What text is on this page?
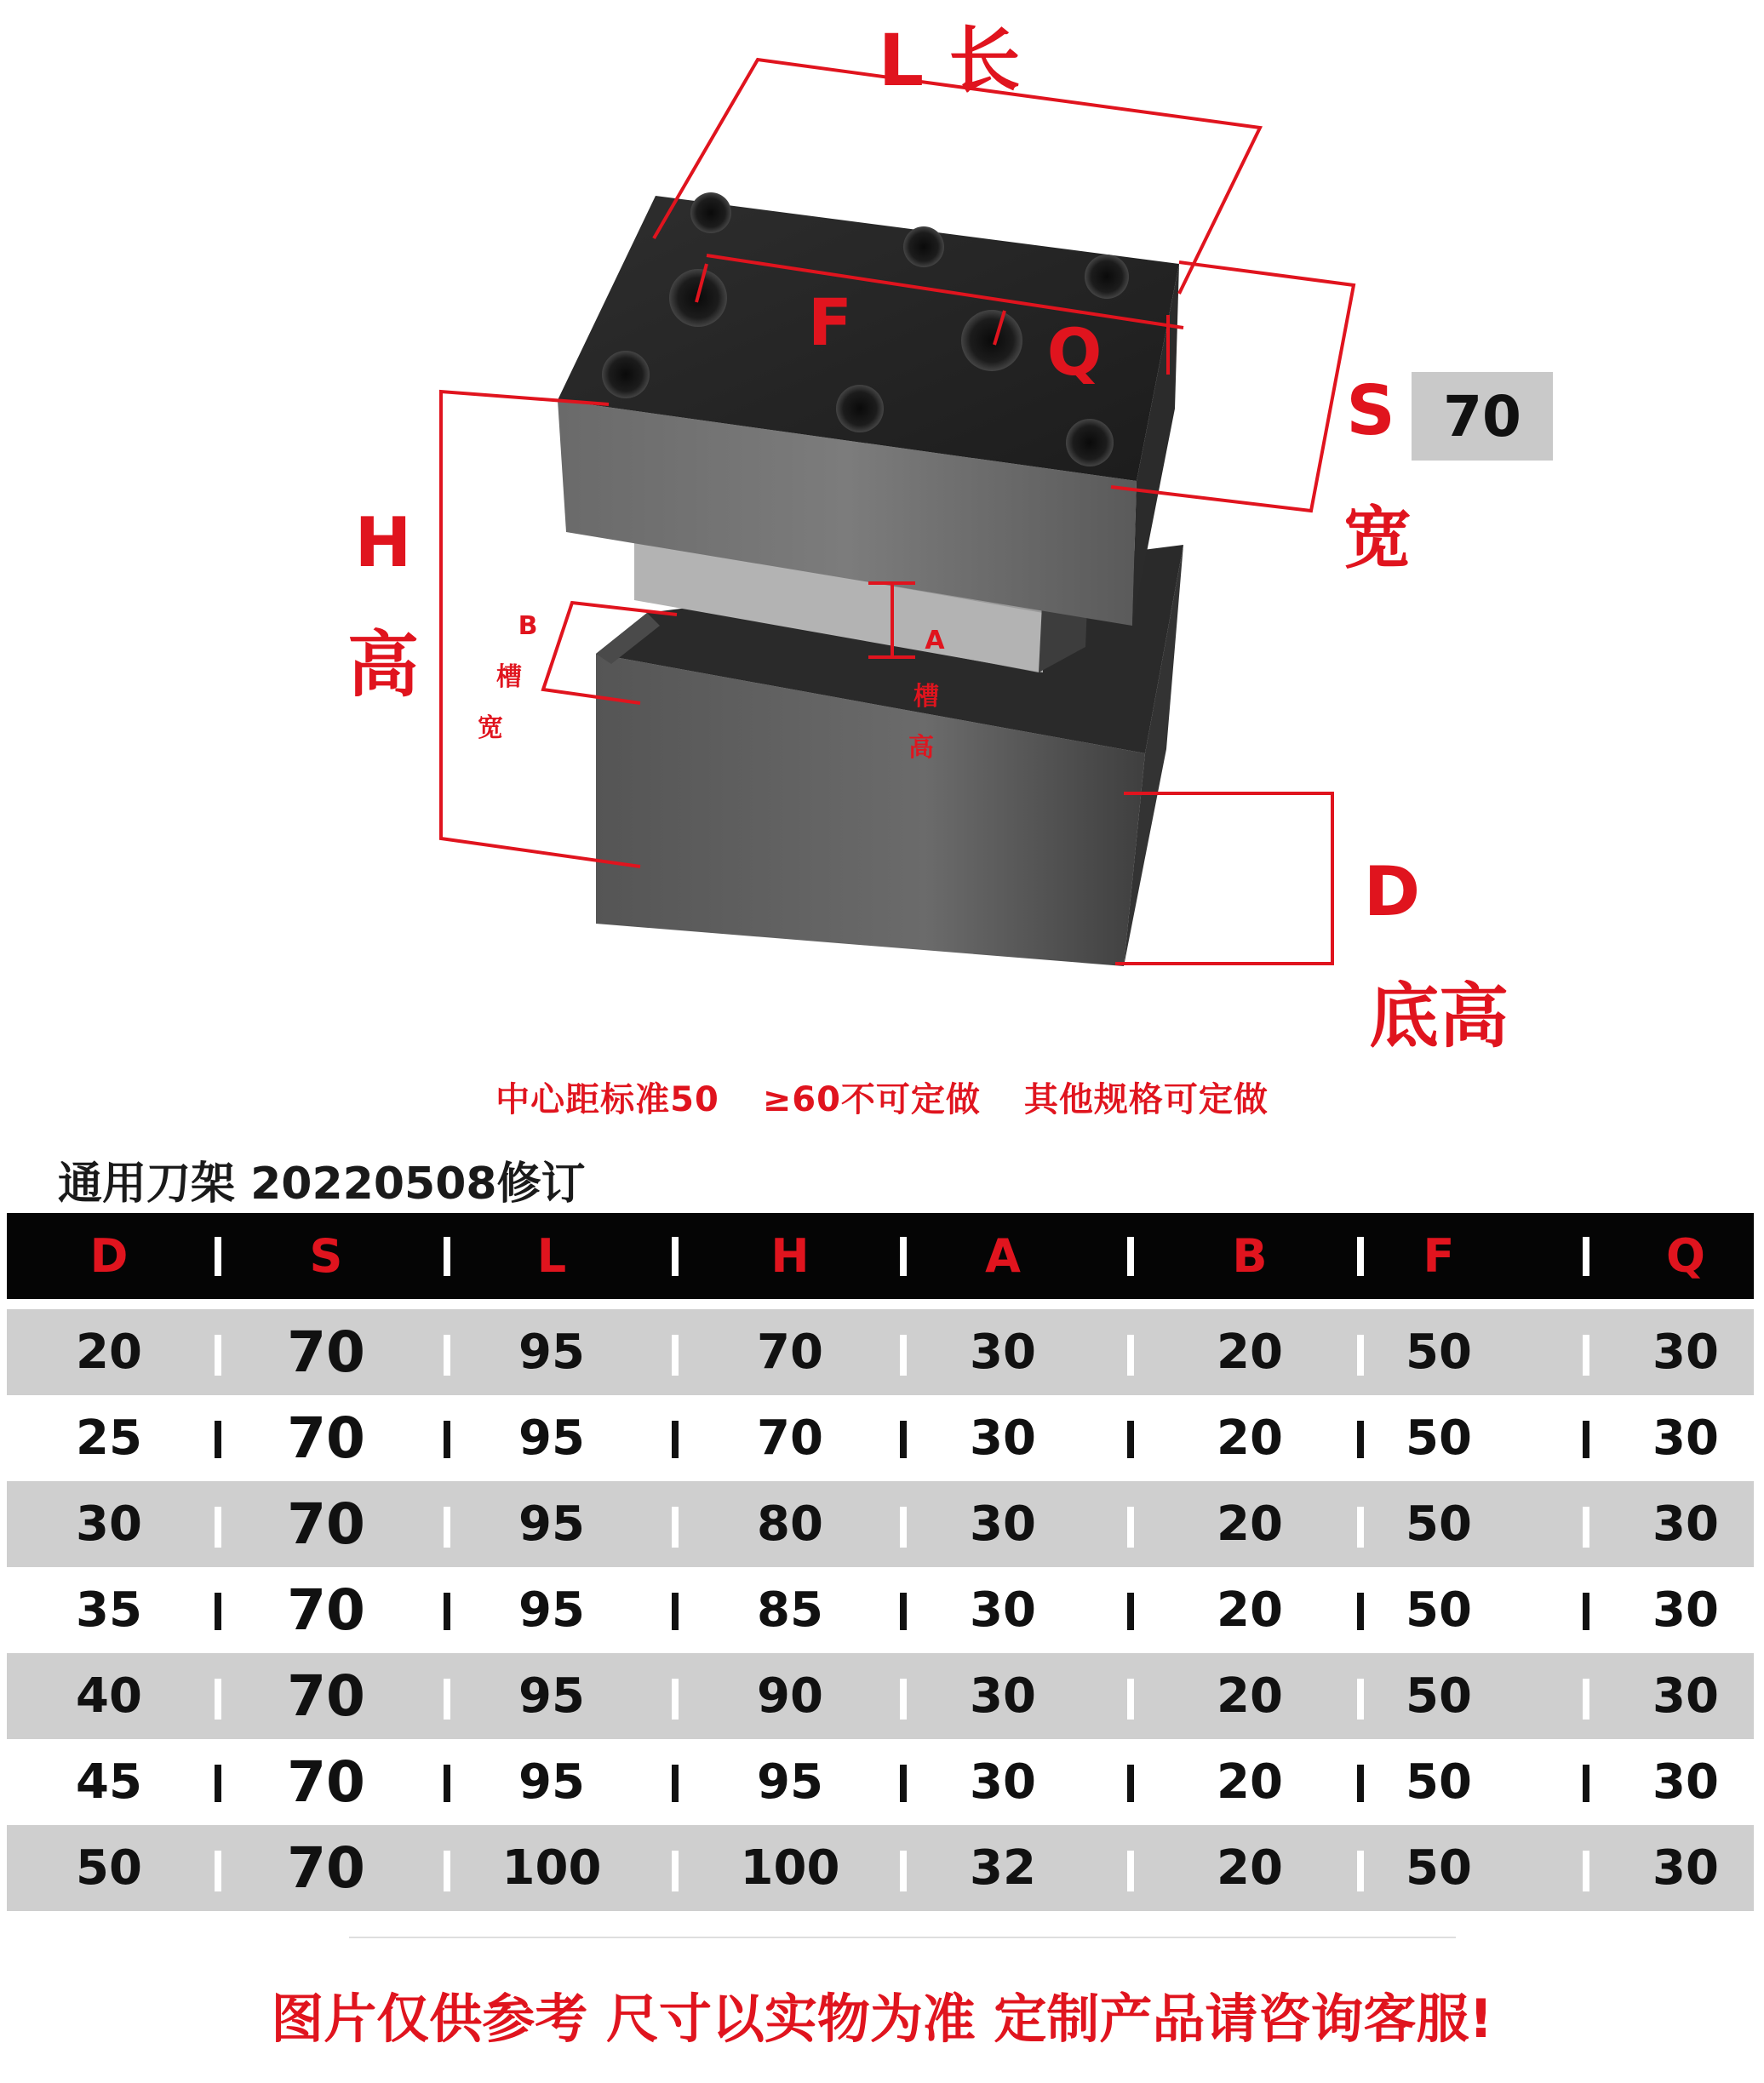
L 长
F	Q
S
宽
H
高
D
底高
B
槽
宽
A
槽
高
70
中心距标准50 ≥60不可定做 其他规格可定做
通用刀架 20220508修订
D	S	L	H	A	B	F	Q
20	70	95	70	30	20	50	30
25	70	95	70	30	20	50	30
30	70	95	80	30	20	50	30
35	70	95	85	30	20	50	30
40	70	95	90	30	20	50	30
45	70	95	95	30	20	50	30
50	70	100	100	32	20	50	30
图片仅供参考 尺寸以实物为准 定制产品请咨询客服!
